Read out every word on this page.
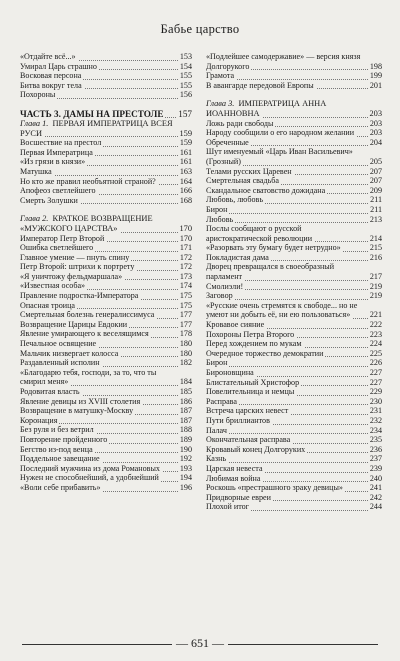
Бабье царство
«Отдайте всё...»	153
Умирал Царь страшно	154
Восковая персона	155
Битва вокруг тела	155
Похороны	156
ЧАСТЬ 3. ДАМЫ НА ПРЕСТОЛЕ	157
Глава 1. ПЕРВАЯ ИМПЕРАТРИЦА ВСЕЯ РУСИ	159
Восшествие на престол	159
Первая Императрица	161
«Из грязи в князи»	161
Матушка	163
Но кто же правил необъятной страной?	164
Апофеоз светлейшего	166
Смерть Золушки	168
Глава 2. КРАТКОЕ ВОЗВРАЩЕНИЕ «МУЖСКОГО ЦАРСТВА»	170
Император Петр Второй	170
Ошибка светлейшего	171
Главное умение — пнуть спину	172
Петр Второй: штрихи к портрету	172
«Я уничтожу фельдмаршала»	173
«Известная особа»	174
Правление подростка-Императора	175
Опасная троица	175
Смертельная болезнь генералиссимуса	177
Возвращение Царицы Евдокии	177
Явление умирающего к веселящимся	178
Печальное освящение	180
Мальчик низвергает колосса	180
Раздавленный исполин	182
«Благодарю тебя, господи, за то, что ты смирил меня»	184
Родовитая власть	185
Явление девицы из XVIII столетия	186
Возвращение в матушку-Москву	187
Коронация	187
Без руля и без ветрил	188
Повторение пройденного	189
Бегство из-под венца	190
Поддельное завещание	192
Последний мужчина из дома Романовых	193
Нужен не способнейший, а удобнейший	194
«Воли себе прибавить»	196
«Подлейшее самодержавие» — версия князя Долгорукого	198
Грамота	199
В авангарде передовой Европы	201
Глава 3. ИМПЕРАТРИЦА АННА ИОАННОВНА	203
Ложь ради свободы	203
Народу сообщили о его народном желании	203
Обреченные	204
Шут именуемый «Царь Иван Васильевич» (Грозный)	205
Телами русских Царевен	207
Смертельная свадьба	207
Скандальное сватовство дожидана	209
Любовь, любовь	211
Бирон	211
Любовь	213
Послы сообщают о русской аристократической революции	214
«Разорвать эту бумагу будет нетрудно»	215
Покладистая дама	216
Дворец превращался в своеобразный парламент	217
Смолиэли!	219
Заговор	219
«Русские очень стремятся к свободе... но не умеют ни добыть её, ни ею пользоваться»	221
Кровавое сияние	222
Похороны Петра Второго	223
Перед хождением по мукам	224
Очередное торжество демократии	225
Бирон	226
Бироновщина	227
Блистательный Христофор	227
Повелительница и немцы	229
Расправа	230
Встреча царских невест	231
Пути бриллиантов	232
Палач	234
Окончательная расправа	235
Кровавый конец Долгоруких	236
Казнь	237
Царская невеста	239
Любимая война	240
Роскошь «престрашного зраку девицы»	241
Придворные евреи	242
Плохой итог	244
— 651 —
